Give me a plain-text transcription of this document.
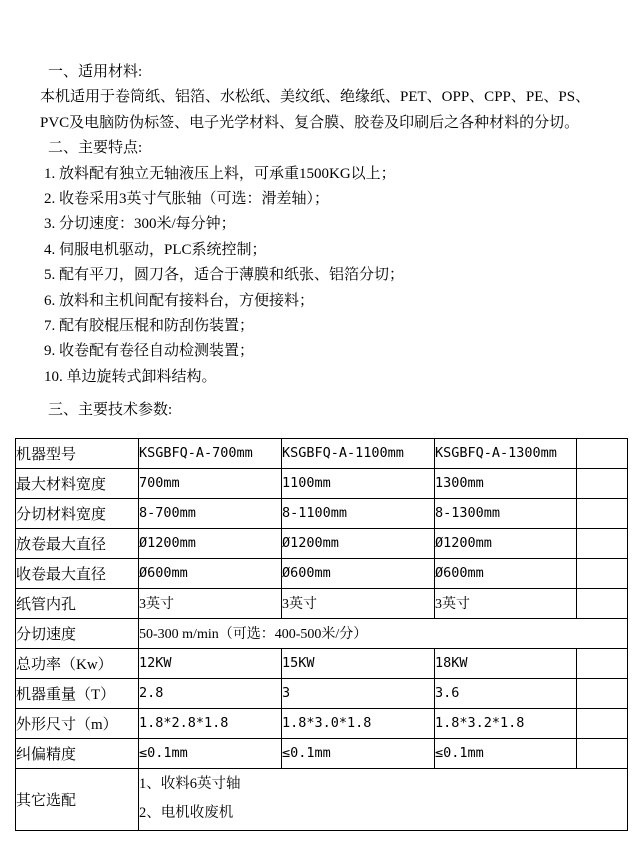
一、适用材料:
本机适用于卷筒纸、铝箔、水松纸、美纹纸、绝缘纸、PET、OPP、CPP、PE、PS、
PVC及电脑防伪标签、电子光学材料、复合膜、胶卷及印刷后之各种材料的分切。
二、主要特点:
1. 放料配有独立无轴液压上料，可承重1500KG以上；
2. 收卷采用3英寸气胀轴（可选：滑差轴）；
3. 分切速度：300米/每分钟；
4. 伺服电机驱动，PLC系统控制；
5. 配有平刀，圆刀各，适合于薄膜和纸张、铝箔分切；
6. 放料和主机间配有接料台，方便接料；
7. 配有胶棍压棍和防刮伤装置；
9. 收卷配有卷径自动检测装置；
10. 单边旋转式卸料结构。
三、主要技术参数:
机器型号	KSGBFQ-A-700mm	KSGBFQ-A-1100mm	KSGBFQ-A-1300mm	
最大材料宽度	700mm	1100mm	1300mm	
分切材料宽度	8-700mm	8-1100mm	8-1300mm	
放卷最大直径	Ø1200mm	Ø1200mm	Ø1200mm	
收卷最大直径	Ø600mm	Ø600mm	Ø600mm	
纸管内孔	3英寸	3英寸	3英寸	
分切速度	50-300 m/min（可选：400-500米/分）			
总功率（Kw）	12KW	15KW	18KW	
机器重量（T）	2.8	3	3.6	
外形尺寸（m）	1.8*2.8*1.8	1.8*3.0*1.8	1.8*3.2*1.8	
纠偏精度	≤0.1mm	≤0.1mm	≤0.1mm	
其它选配	1、收料6英寸轴
2、电机收废机			
